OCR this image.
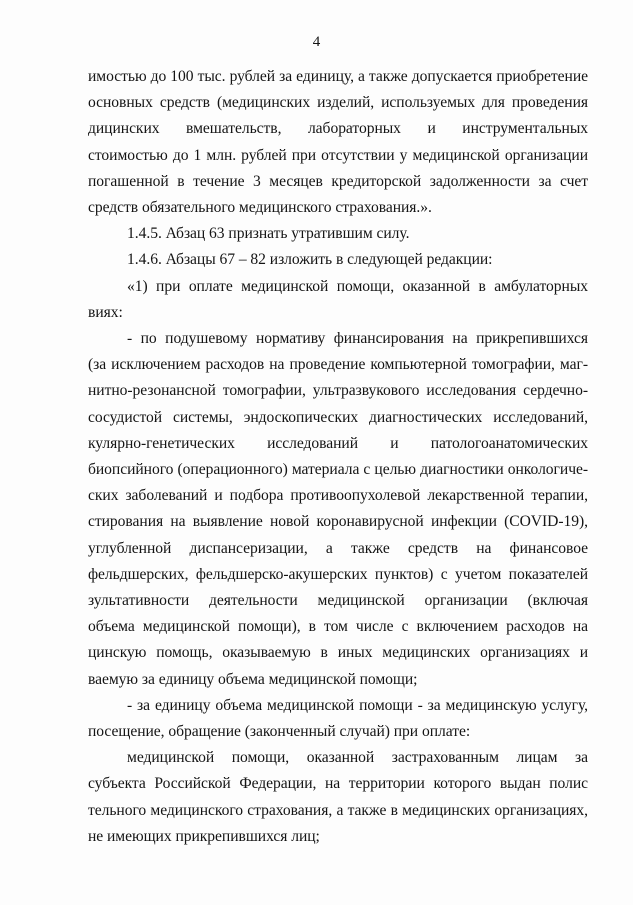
4
имостью до 100 тыс. рублей за единицу, а также допускается приобретение
основных средств (медицинских изделий, используемых для проведения
дицинских вмешательств, лабораторных и инструментальных
стоимостью до 1 млн. рублей при отсутствии у медицинской организации
погашенной в течение 3 месяцев кредиторской задолженности за счет
средств обязательного медицинского страхования.».
1.4.5. Абзац 63 признать утратившим силу.
1.4.6. Абзацы 67 – 82 изложить в следующей редакции:
«1) при оплате медицинской помощи, оказанной в амбулаторных
виях:
- по подушевому нормативу финансирования на прикрепившихся
(за исключением расходов на проведение компьютерной томографии, маг-
нитно-резонансной томографии, ультразвукового исследования сердечно-
сосудистой системы, эндоскопических диагностических исследований,
кулярно-генетических исследований и патологоанатомических
биопсийного (операционного) материала с целью диагностики онкологиче-
ских заболеваний и подбора противоопухолевой лекарственной терапии,
стирования на выявление новой коронавирусной инфекции (COVID-19),
углубленной диспансеризации, а также средств на финансовое
фельдшерских, фельдшерско-акушерских пунктов) с учетом показателей
зультативности деятельности медицинской организации (включая
объема медицинской помощи), в том числе с включением расходов на
цинскую помощь, оказываемую в иных медицинских организациях и
ваемую за единицу объема медицинской помощи;
- за единицу объема медицинской помощи - за медицинскую услугу,
посещение, обращение (законченный случай) при оплате:
медицинской помощи, оказанной застрахованным лицам за
субъекта Российской Федерации, на территории которого выдан полис
тельного медицинского страхования, а также в медицинских организациях,
не имеющих прикрепившихся лиц;
